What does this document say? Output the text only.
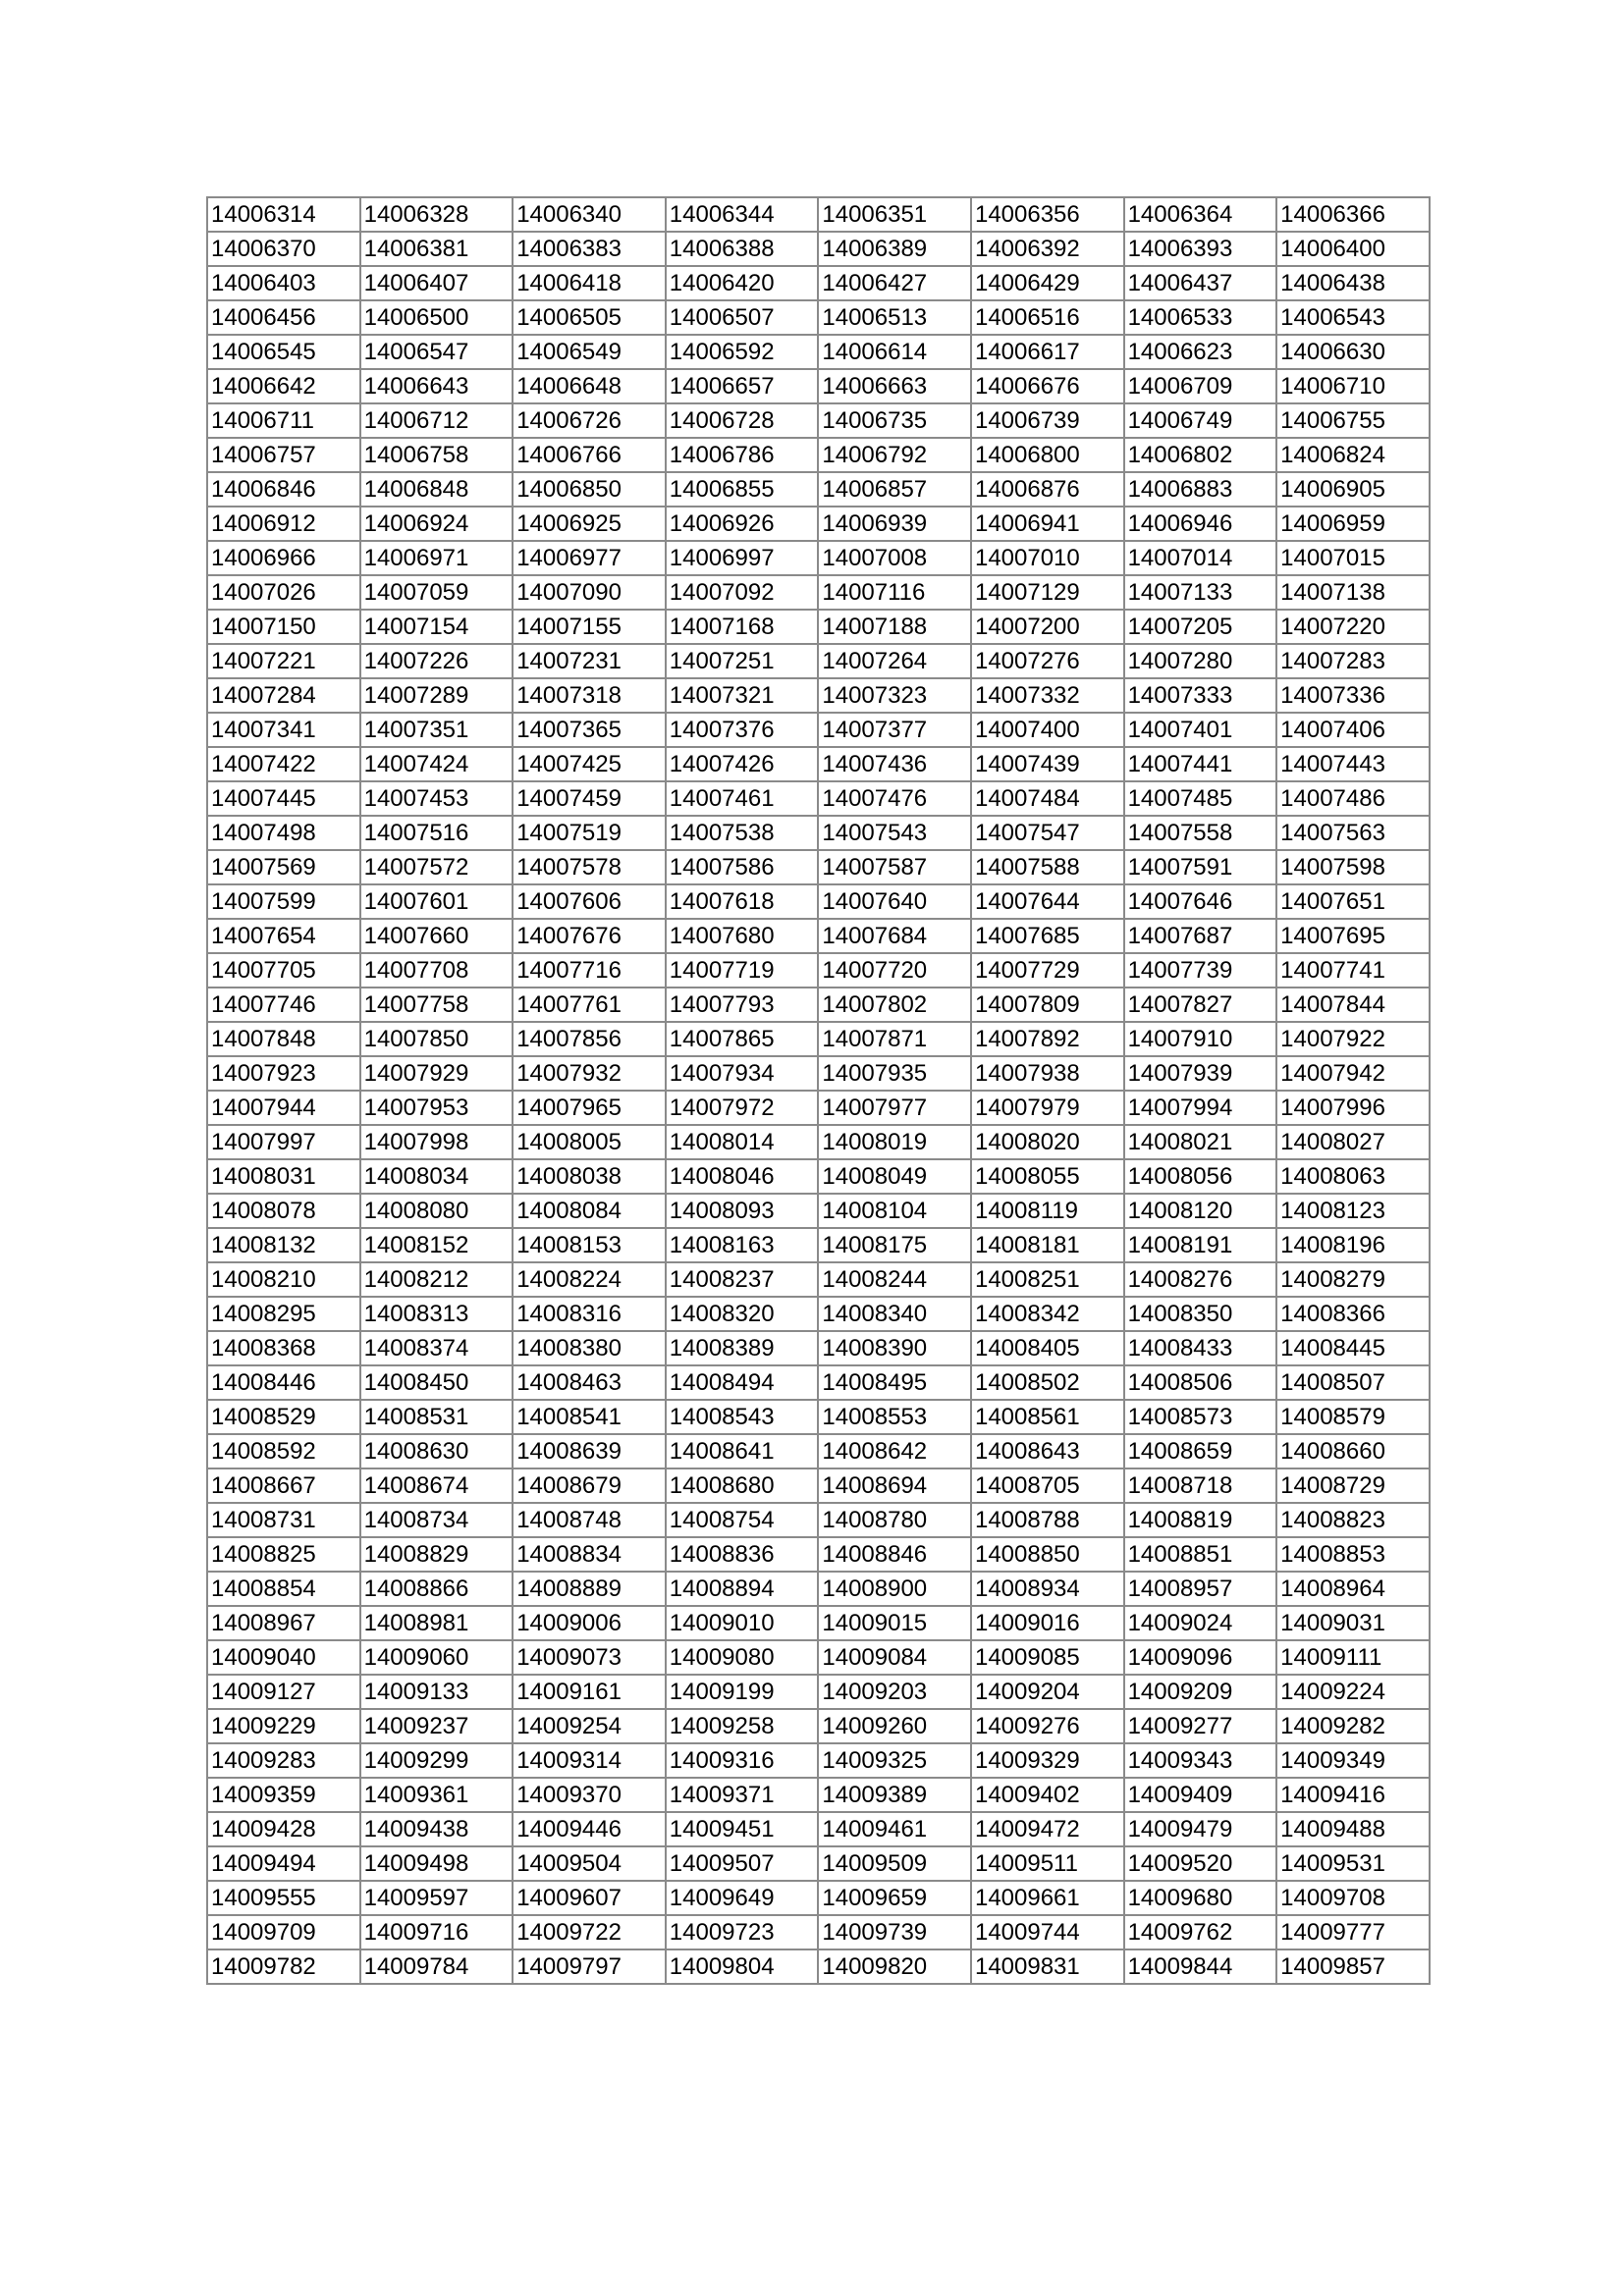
14006314	14006328	14006340	14006344	14006351	14006356	14006364	14006366
14006370	14006381	14006383	14006388	14006389	14006392	14006393	14006400
14006403	14006407	14006418	14006420	14006427	14006429	14006437	14006438
14006456	14006500	14006505	14006507	14006513	14006516	14006533	14006543
14006545	14006547	14006549	14006592	14006614	14006617	14006623	14006630
14006642	14006643	14006648	14006657	14006663	14006676	14006709	14006710
14006711	14006712	14006726	14006728	14006735	14006739	14006749	14006755
14006757	14006758	14006766	14006786	14006792	14006800	14006802	14006824
14006846	14006848	14006850	14006855	14006857	14006876	14006883	14006905
14006912	14006924	14006925	14006926	14006939	14006941	14006946	14006959
14006966	14006971	14006977	14006997	14007008	14007010	14007014	14007015
14007026	14007059	14007090	14007092	14007116	14007129	14007133	14007138
14007150	14007154	14007155	14007168	14007188	14007200	14007205	14007220
14007221	14007226	14007231	14007251	14007264	14007276	14007280	14007283
14007284	14007289	14007318	14007321	14007323	14007332	14007333	14007336
14007341	14007351	14007365	14007376	14007377	14007400	14007401	14007406
14007422	14007424	14007425	14007426	14007436	14007439	14007441	14007443
14007445	14007453	14007459	14007461	14007476	14007484	14007485	14007486
14007498	14007516	14007519	14007538	14007543	14007547	14007558	14007563
14007569	14007572	14007578	14007586	14007587	14007588	14007591	14007598
14007599	14007601	14007606	14007618	14007640	14007644	14007646	14007651
14007654	14007660	14007676	14007680	14007684	14007685	14007687	14007695
14007705	14007708	14007716	14007719	14007720	14007729	14007739	14007741
14007746	14007758	14007761	14007793	14007802	14007809	14007827	14007844
14007848	14007850	14007856	14007865	14007871	14007892	14007910	14007922
14007923	14007929	14007932	14007934	14007935	14007938	14007939	14007942
14007944	14007953	14007965	14007972	14007977	14007979	14007994	14007996
14007997	14007998	14008005	14008014	14008019	14008020	14008021	14008027
14008031	14008034	14008038	14008046	14008049	14008055	14008056	14008063
14008078	14008080	14008084	14008093	14008104	14008119	14008120	14008123
14008132	14008152	14008153	14008163	14008175	14008181	14008191	14008196
14008210	14008212	14008224	14008237	14008244	14008251	14008276	14008279
14008295	14008313	14008316	14008320	14008340	14008342	14008350	14008366
14008368	14008374	14008380	14008389	14008390	14008405	14008433	14008445
14008446	14008450	14008463	14008494	14008495	14008502	14008506	14008507
14008529	14008531	14008541	14008543	14008553	14008561	14008573	14008579
14008592	14008630	14008639	14008641	14008642	14008643	14008659	14008660
14008667	14008674	14008679	14008680	14008694	14008705	14008718	14008729
14008731	14008734	14008748	14008754	14008780	14008788	14008819	14008823
14008825	14008829	14008834	14008836	14008846	14008850	14008851	14008853
14008854	14008866	14008889	14008894	14008900	14008934	14008957	14008964
14008967	14008981	14009006	14009010	14009015	14009016	14009024	14009031
14009040	14009060	14009073	14009080	14009084	14009085	14009096	14009111
14009127	14009133	14009161	14009199	14009203	14009204	14009209	14009224
14009229	14009237	14009254	14009258	14009260	14009276	14009277	14009282
14009283	14009299	14009314	14009316	14009325	14009329	14009343	14009349
14009359	14009361	14009370	14009371	14009389	14009402	14009409	14009416
14009428	14009438	14009446	14009451	14009461	14009472	14009479	14009488
14009494	14009498	14009504	14009507	14009509	14009511	14009520	14009531
14009555	14009597	14009607	14009649	14009659	14009661	14009680	14009708
14009709	14009716	14009722	14009723	14009739	14009744	14009762	14009777
14009782	14009784	14009797	14009804	14009820	14009831	14009844	14009857
